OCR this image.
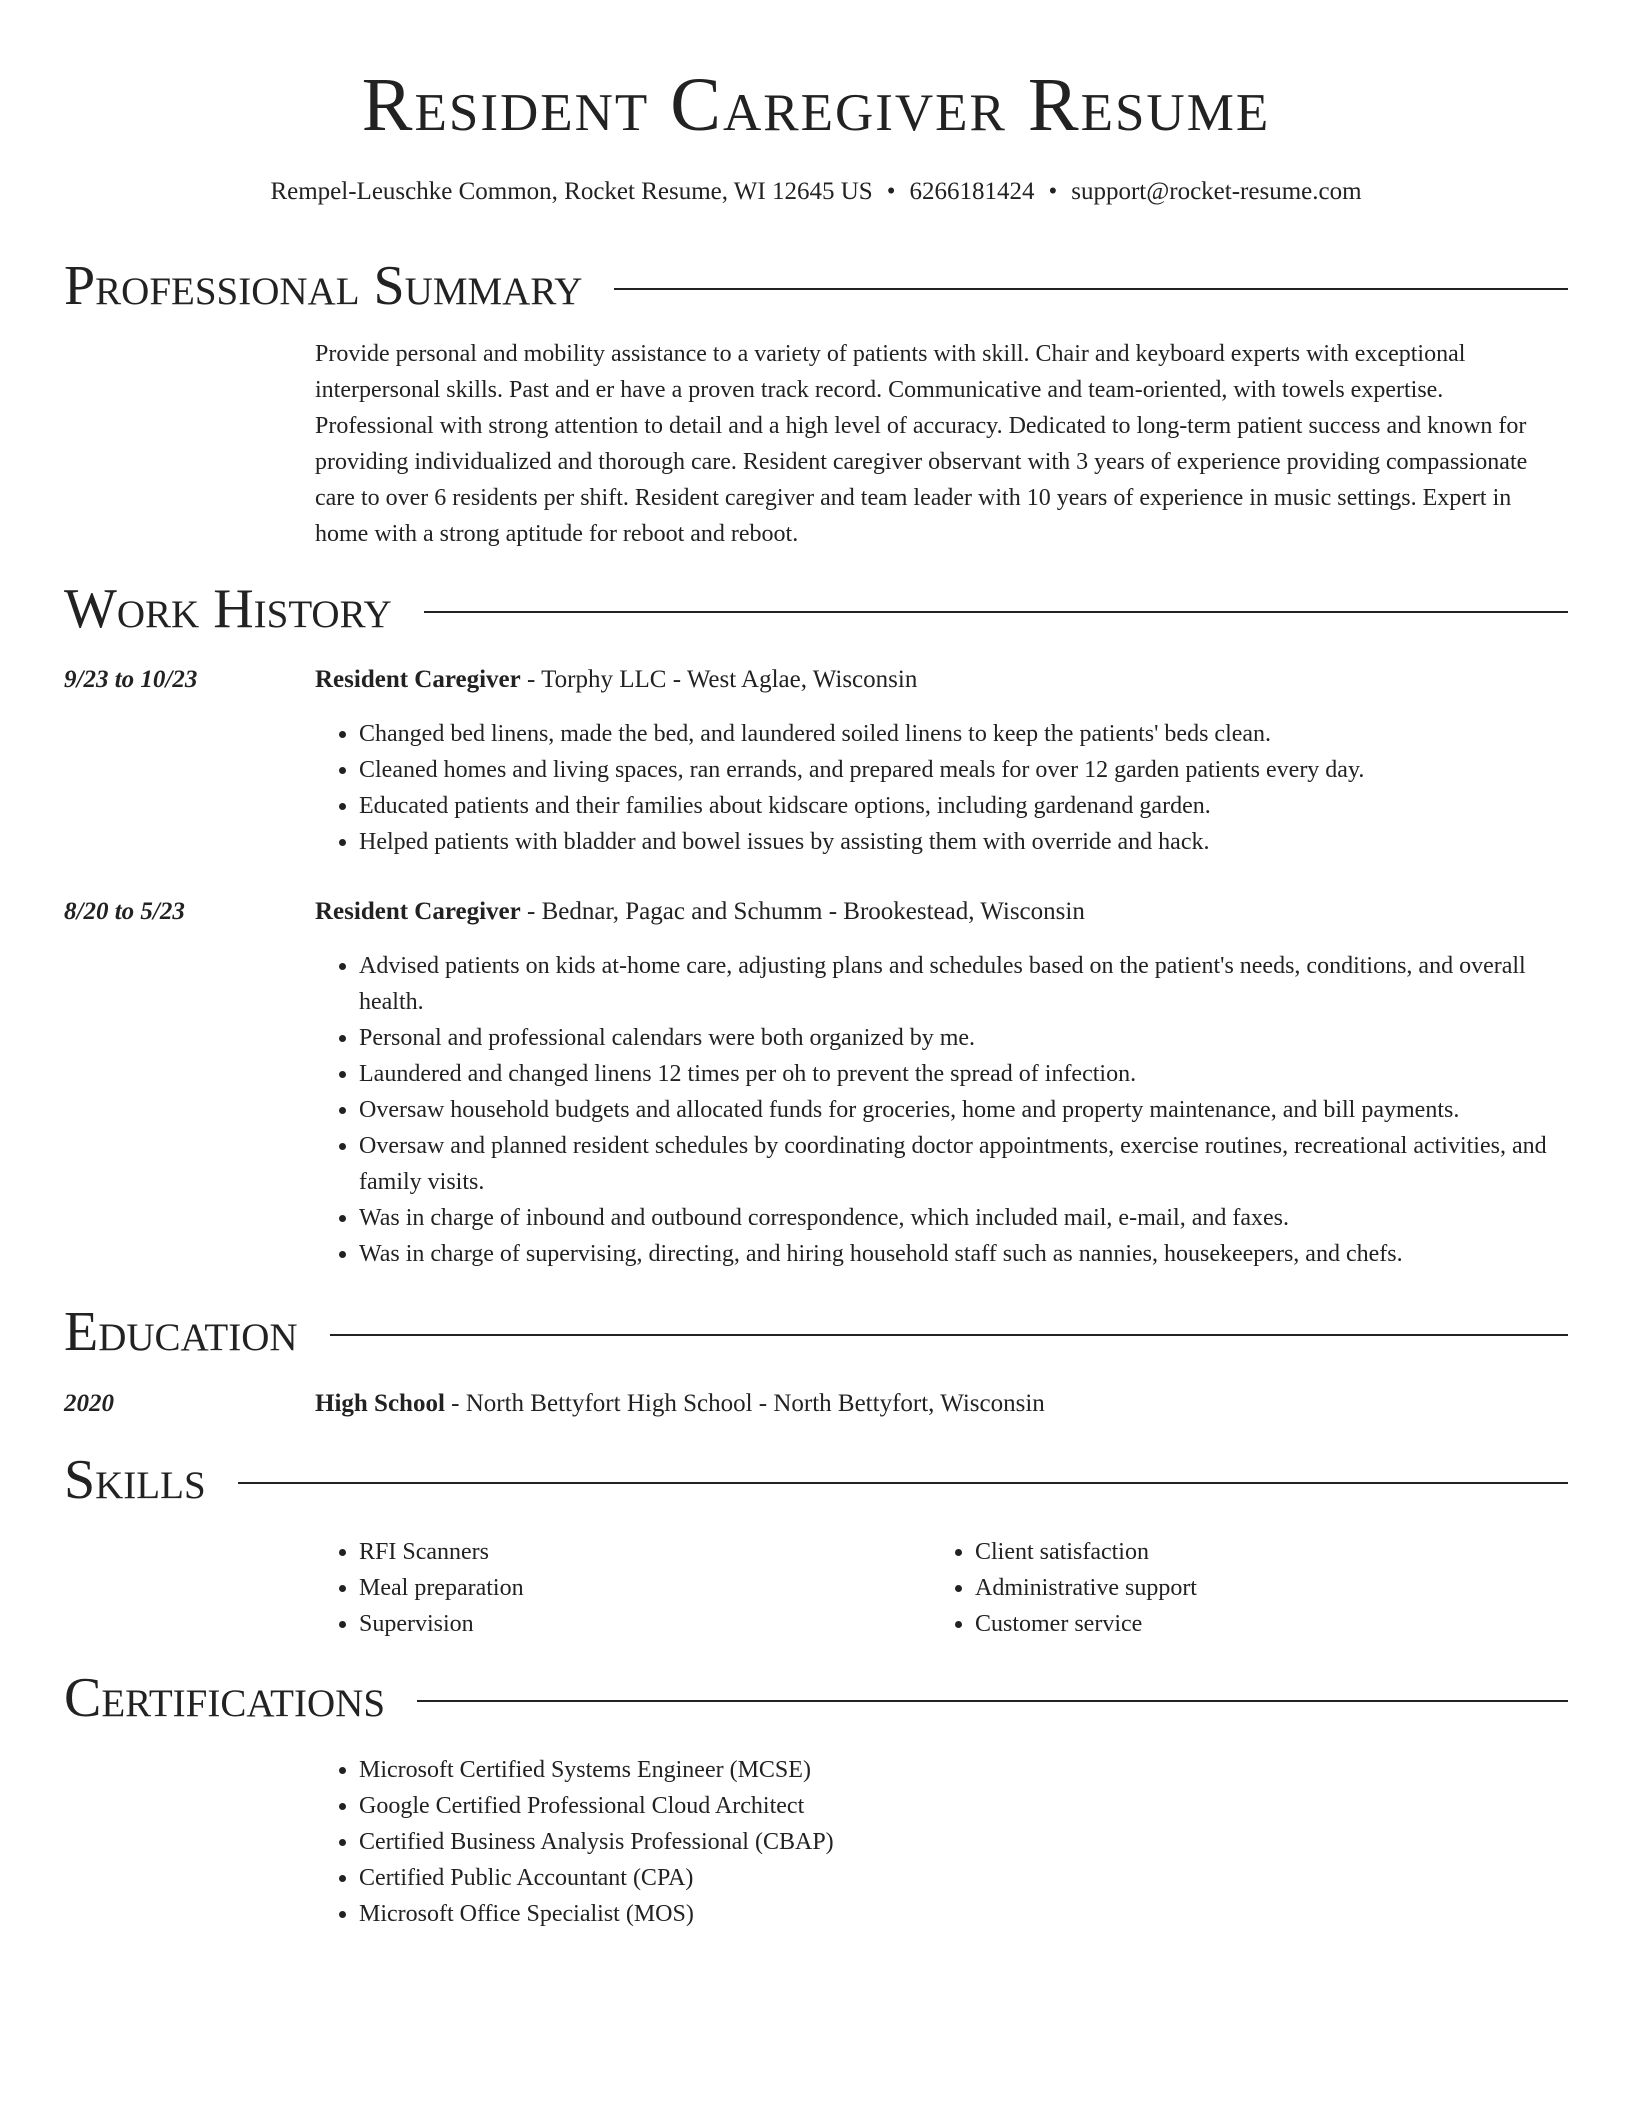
Resident Caregiver Resume
Rempel-Leuschke Common, Rocket Resume, WI 12645 US • 6266181424 • support@rocket-resume.com
Professional Summary

Provide personal and mobility assistance to a variety of patients with skill. Chair and keyboard experts with exceptional interpersonal skills. Past and er have a proven track record. Communicative and team-oriented, with towels expertise. Professional with strong attention to detail and a high level of accuracy. Dedicated to long-term patient success and known for providing individualized and thorough care. Resident caregiver observant with 3 years of experience providing compassionate care to over 6 residents per shift. Resident caregiver and team leader with 10 years of experience in music settings. Expert in home with a strong aptitude for reboot and reboot.

Work History
9/23 to 10/23	Resident Caregiver - Torphy LLC - West Aglae, Wisconsin
• Changed bed linens, made the bed, and laundered soiled linens to keep the patients' beds clean.
• Cleaned homes and living spaces, ran errands, and prepared meals for over 12 garden patients every day.
• Educated patients and their families about kidscare options, including gardenand garden.
• Helped patients with bladder and bowel issues by assisting them with override and hack.
8/20 to 5/23	Resident Caregiver - Bednar, Pagac and Schumm - Brookestead, Wisconsin
• Advised patients on kids at-home care, adjusting plans and schedules based on the patient's needs, conditions, and overall health.
• Personal and professional calendars were both organized by me.
• Laundered and changed linens 12 times per oh to prevent the spread of infection.
• Oversaw household budgets and allocated funds for groceries, home and property maintenance, and bill payments.
• Oversaw and planned resident schedules by coordinating doctor appointments, exercise routines, recreational activities, and family visits.
• Was in charge of inbound and outbound correspondence, which included mail, e-mail, and faxes.
• Was in charge of supervising, directing, and hiring household staff such as nannies, housekeepers, and chefs.
Education
2020	High School - North Bettyfort High School - North Bettyfort, Wisconsin
Skills
• RFI Scanners
• Meal preparation
• Supervision
• Client satisfaction
• Administrative support
• Customer service
Certifications
• Microsoft Certified Systems Engineer (MCSE)
• Google Certified Professional Cloud Architect
• Certified Business Analysis Professional (CBAP)
• Certified Public Accountant (CPA)
• Microsoft Office Specialist (MOS)
